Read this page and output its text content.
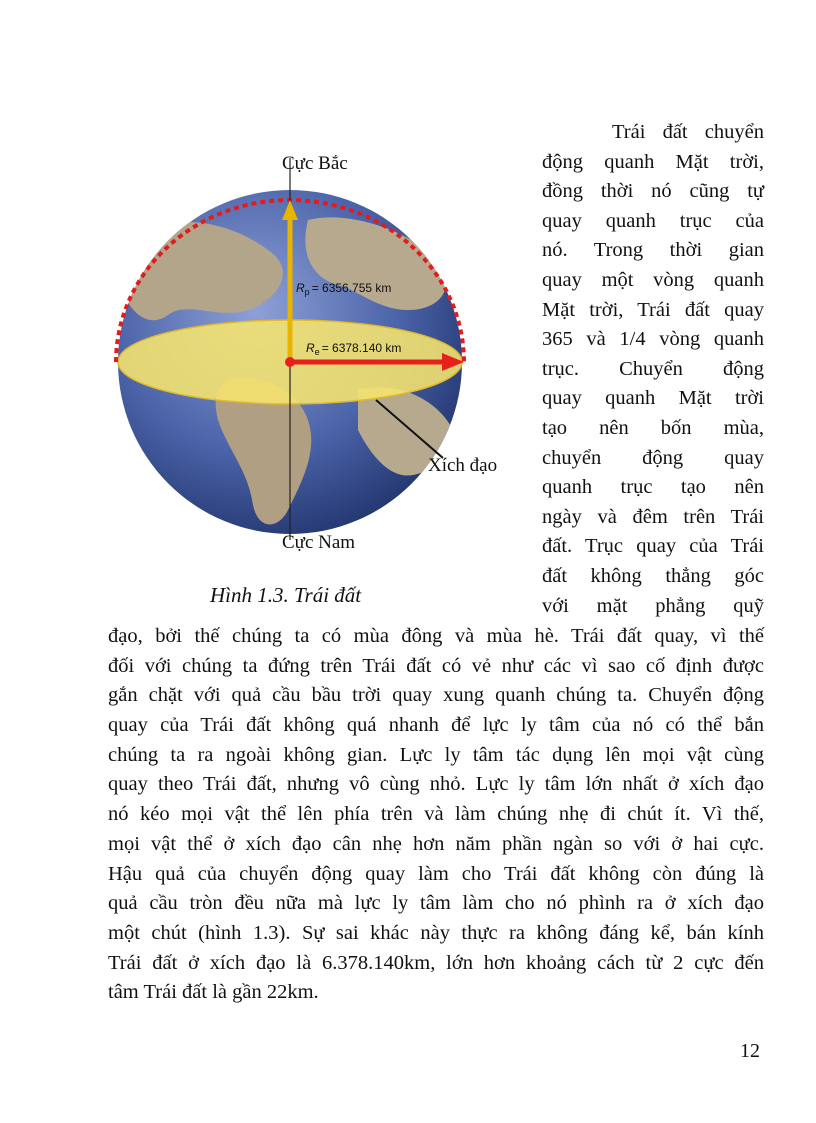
$R_p = 6356.755$ km
$R_e = 6378.140$ km
Cực Bắc
Cực Nam
Xích đạo
Hình 1.3. Trái đất
Trái đất chuyển
động quanh Mặt trời,
đồng thời nó cũng tự
quay quanh trục của
nó. Trong thời gian
quay một vòng quanh
Mặt trời, Trái đất quay
365 và 1/4 vòng quanh
trục. Chuyển động
quay quanh Mặt trời
tạo nên bốn mùa,
chuyển động quay
quanh trục tạo nên
ngày và đêm trên Trái
đất. Trục quay của Trái
đất không thẳng góc
với mặt phẳng quỹ
đạo, bởi thế chúng ta có mùa đông và mùa hè. Trái đất quay, vì thế
đối với chúng ta đứng trên Trái đất có vẻ như các vì sao cố định được
gắn chặt với quả cầu bầu trời quay xung quanh chúng ta. Chuyển động
quay của Trái đất không quá nhanh để lực ly tâm của nó có thể bắn
chúng ta ra ngoài không gian. Lực ly tâm tác dụng lên mọi vật cùng
quay theo Trái đất, nhưng vô cùng nhỏ. Lực ly tâm lớn nhất ở xích đạo
nó kéo mọi vật thể lên phía trên và làm chúng nhẹ đi chút ít. Vì thế,
mọi vật thể ở xích đạo cân nhẹ hơn năm phần ngàn so với ở hai cực.
Hậu quả của chuyển động quay làm cho Trái đất không còn đúng là
quả cầu tròn đều nữa mà lực ly tâm làm cho nó phình ra ở xích đạo
một chút (hình 1.3). Sự sai khác này thực ra không đáng kể, bán kính
Trái đất ở xích đạo là 6.378.140km, lớn hơn khoảng cách từ 2 cực đến
tâm Trái đất là gần 22km.
12
